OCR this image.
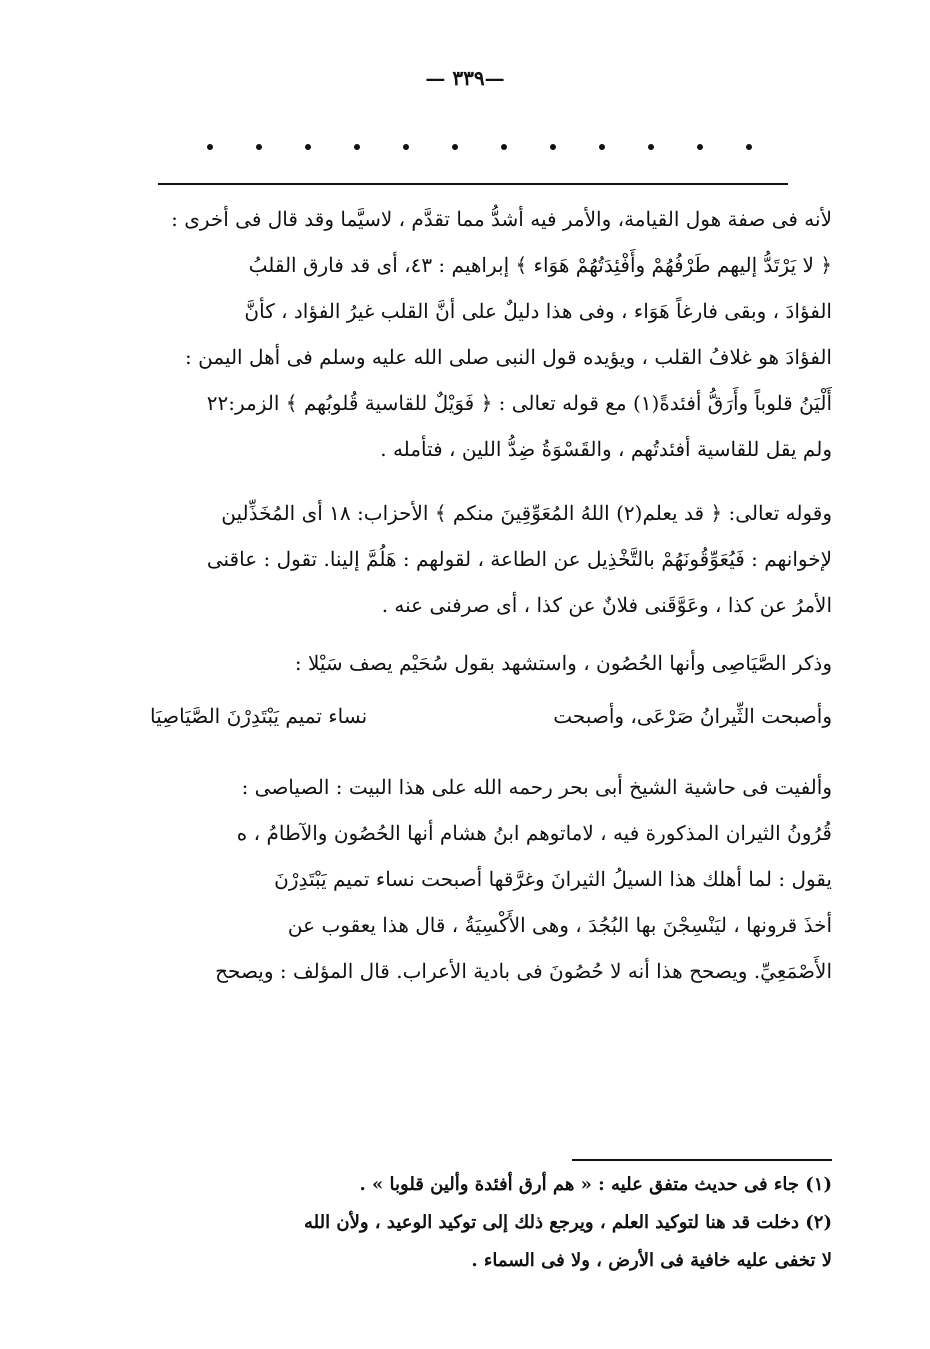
—٣٣٩ —

لأنه فى صفة هول القيامة، والأمر فيه أشدُّ مما تقدَّم ، لاسيَّما وقد قال فى أخرى :

﴿ لا يَرْتَدُّ إليهم طَرْفُهُمْ وأَفْئِدَتُهُمْ هَوَاء ﴾ إبراهيم : ٤٣، أى قد فارق القلبُ

الفؤادَ ، وبقى فارغاً هَوَاء ، وفى هذا دليلٌ على أنَّ القلب غيرُ الفؤاد ، كأنَّ

الفؤادَ هو غلافُ القلب ، ويؤيده قول النبى صلى الله عليه وسلم فى أهل اليمن :

أَلْيَنُ قلوباً وأَرَقُّ أفئدةً(١) مع قوله تعالى : ﴿ فَوَيْلٌ للقاسية قُلوبُهم ﴾ الزمر:٢٢

ولم يقل للقاسية أفئدتُهم ، والقَسْوَةُ ضِدُّ اللين ، فتأمله .

وقوله تعالى: ﴿ قد يعلم(٢) اللهُ المُعَوِّقِينَ منكم ﴾ الأحزاب: ١٨ أى المُخَذِّلين

لإخوانهم : فَيُعَوِّقُونَهُمْ بالتَّخْذِيل عن الطاعة ، لقولهم : هَلُمَّ إلينا. تقول : عاقنى

الأمرُ عن كذا ، وعَوَّقَنى فلانٌ عن كذا ، أى صرفنى عنه .

وذكر الصَّيَاصِى وأنها الحُصُون ، واستشهد بقول سُحَيْم يصف سَيْلا :

وأصبحت الثِّيرانُ صَرْعَى، وأصبحت
نساء تميم يَبْتَدِرْنَ الصَّيَاصِيَا

وألفيت فى حاشية الشيخ أبى بحر رحمه الله على هذا البيت : الصياصى :

قُرُونُ الثيران المذكورة فيه ، لاماتوهم ابنُ هشام أنها الحُصُون والآطامُ ، ه

يقول : لما أهلك هذا السيلُ الثيرانَ وغرَّقها أصبحت نساء تميم يَبْتَدِرْنَ

أخذَ قرونها ، ليَنْسِجْنَ بها البُجُدَ ، وهى الأَكْسِيَةُ ، قال هذا يعقوب عن

الأَصْمَعِيِّ. ويصحح هذا أنه لا حُصُونَ فى بادية الأعراب. قال المؤلف : ويصحح

(١) جاء فى حديث متفق عليه : « هم أرق أفئدة وألين قلوبا » .

(٢) دخلت قد هنا لتوكيد العلم ، ويرجع ذلك إلى توكيد الوعيد ، ولأن الله

لا تخفى عليه خافية فى الأرض ، ولا فى السماء .
